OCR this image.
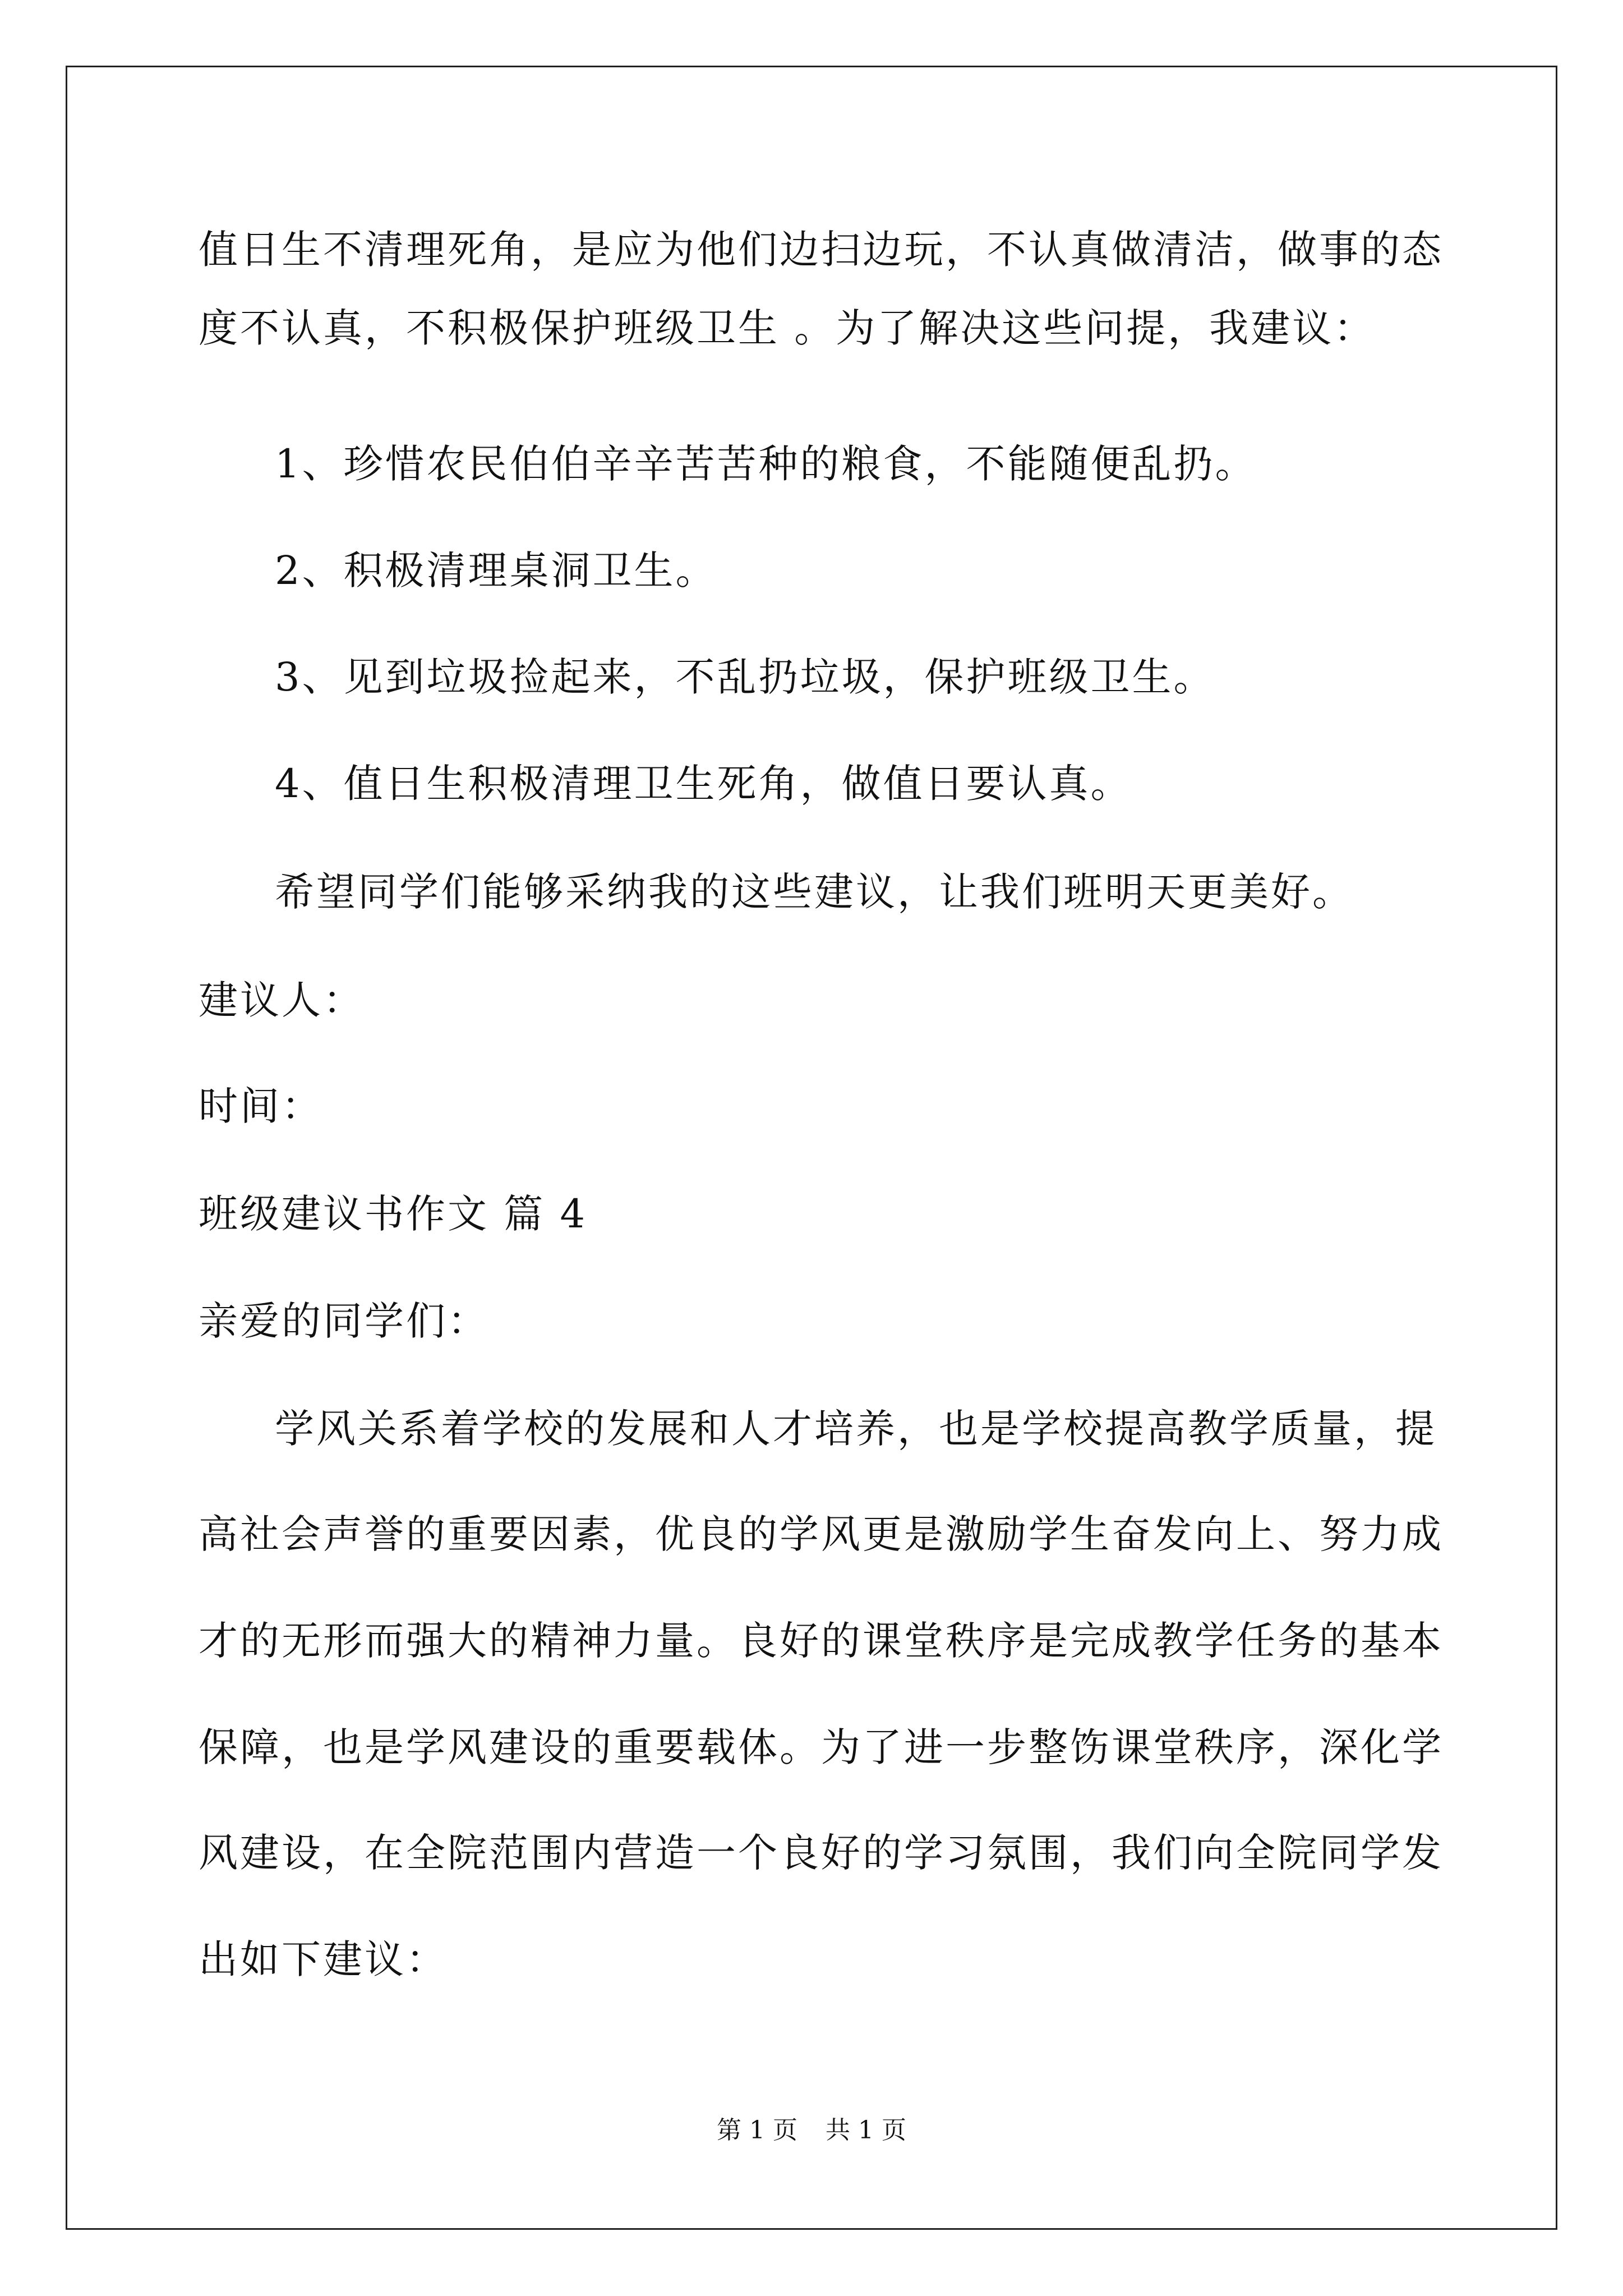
值日生不清理死角，是应为他们边扫边玩，不认真做清洁，做事的态
度不认真，不积极保护班级卫生 。为了解决这些问提，我建议：
1、珍惜农民伯伯辛辛苦苦种的粮食，不能随便乱扔。
2、积极清理桌洞卫生。
3、见到垃圾捡起来，不乱扔垃圾，保护班级卫生。
4、值日生积极清理卫生死角，做值日要认真。
希望同学们能够采纳我的这些建议，让我们班明天更美好。
建议人：
时间：
班级建议书作文 篇 4
亲爱的同学们：
学风关系着学校的发展和人才培养，也是学校提高教学质量，提
高社会声誉的重要因素，优良的学风更是激励学生奋发向上、努力成
才的无形而强大的精神力量。良好的课堂秩序是完成教学任务的基本
保障，也是学风建设的重要载体。为了进一步整饬课堂秩序，深化学
风建设，在全院范围内营造一个良好的学习氛围，我们向全院同学发
出如下建议：
第 1 页 共 1 页
